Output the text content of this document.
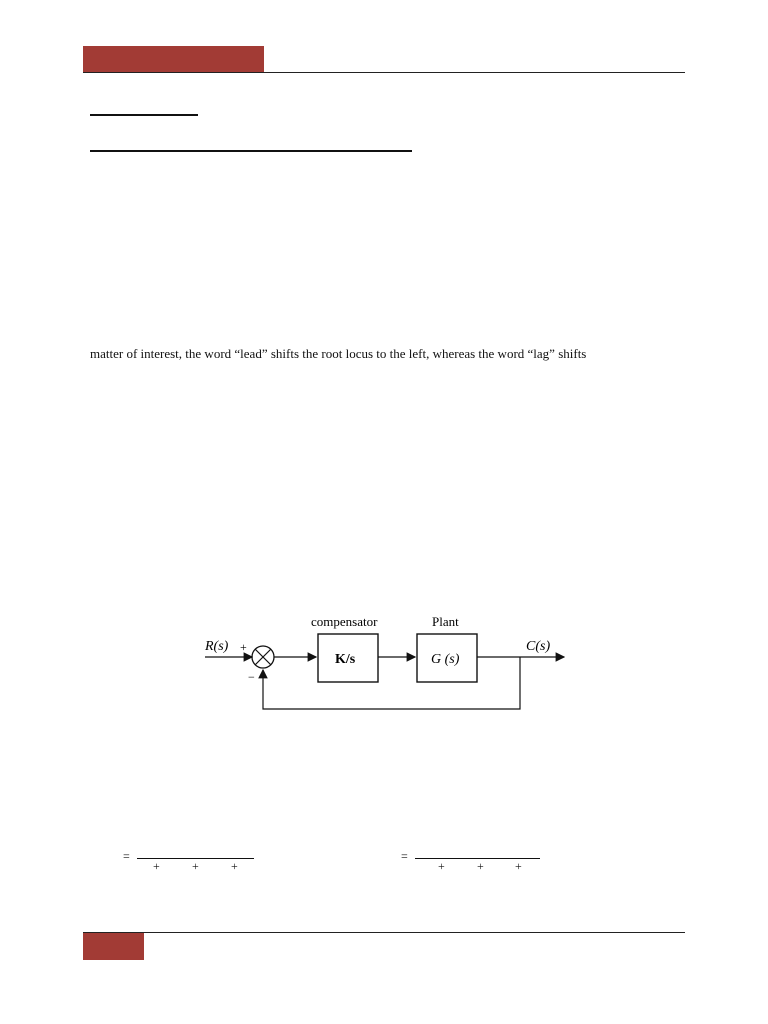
matter of interest, the word “lead” shifts the root locus to the left, whereas the word “lag” shifts
R(s) +
−
compensator
K/s
Plant
G (s)
C(s)
=
+	+	+
=
+	+	+
